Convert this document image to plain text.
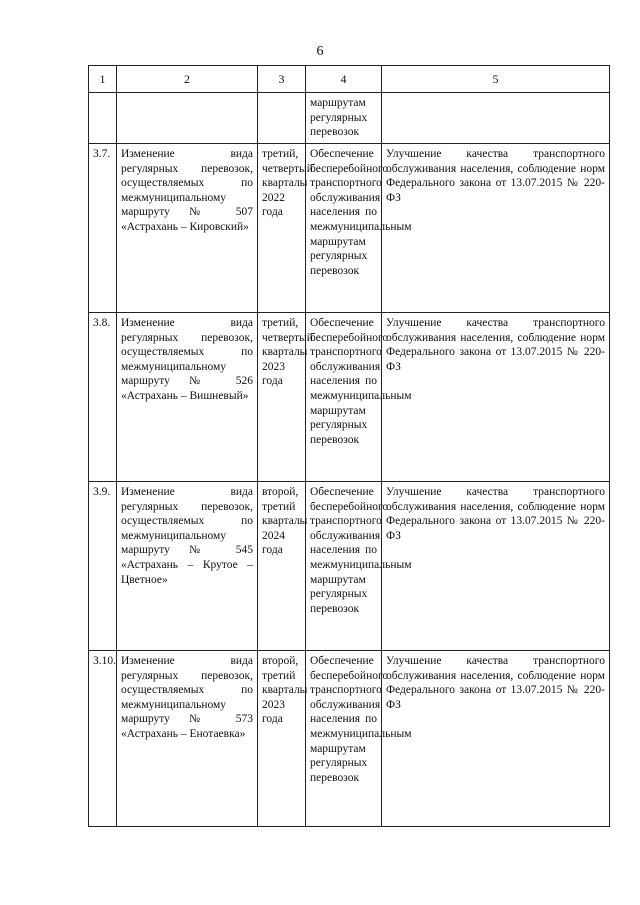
6
1	2	3	4	5
			маршрутам регулярных перевозок	
3.7.	Изменение вида регулярных перевозок, осуществляемых по межмуниципальному маршруту № 507 «Астрахань – Кировский»	третий, четвертый кварталы 2022 года	Обеспечение бесперебойного транспортного обслуживания населения по межмуниципальным маршрутам регулярных перевозок	Улучшение качества транспортного обслуживания населения, соблюдение норм Федерального закона от 13.07.2015 № 220-ФЗ
3.8.	Изменение вида регулярных перевозок, осуществляемых по межмуниципальному маршруту № 526 «Астрахань – Вишневый»	третий, четвертый кварталы 2023 года	Обеспечение бесперебойного транспортного обслуживания населения по межмуниципальным маршрутам регулярных перевозок	Улучшение качества транспортного обслуживания населения, соблюдение норм Федерального закона от 13.07.2015 № 220-ФЗ
3.9.	Изменение вида регулярных перевозок, осуществляемых по межмуниципальному маршруту № 545 «Астрахань – Крутое – Цветное»	второй, третий кварталы 2024 года	Обеспечение бесперебойного транспортного обслуживания населения по межмуниципальным маршрутам регулярных перевозок	Улучшение качества транспортного обслуживания населения, соблюдение норм Федерального закона от 13.07.2015 № 220-ФЗ
3.10.	Изменение вида регулярных перевозок, осуществляемых по межмуниципальному маршруту № 573 «Астрахань – Енотаевка»	второй, третий кварталы 2023 года	Обеспечение бесперебойного транспортного обслуживания населения по межмуниципальным маршрутам регулярных перевозок	Улучшение качества транспортного обслуживания населения, соблюдение норм Федерального закона от 13.07.2015 № 220-ФЗ
